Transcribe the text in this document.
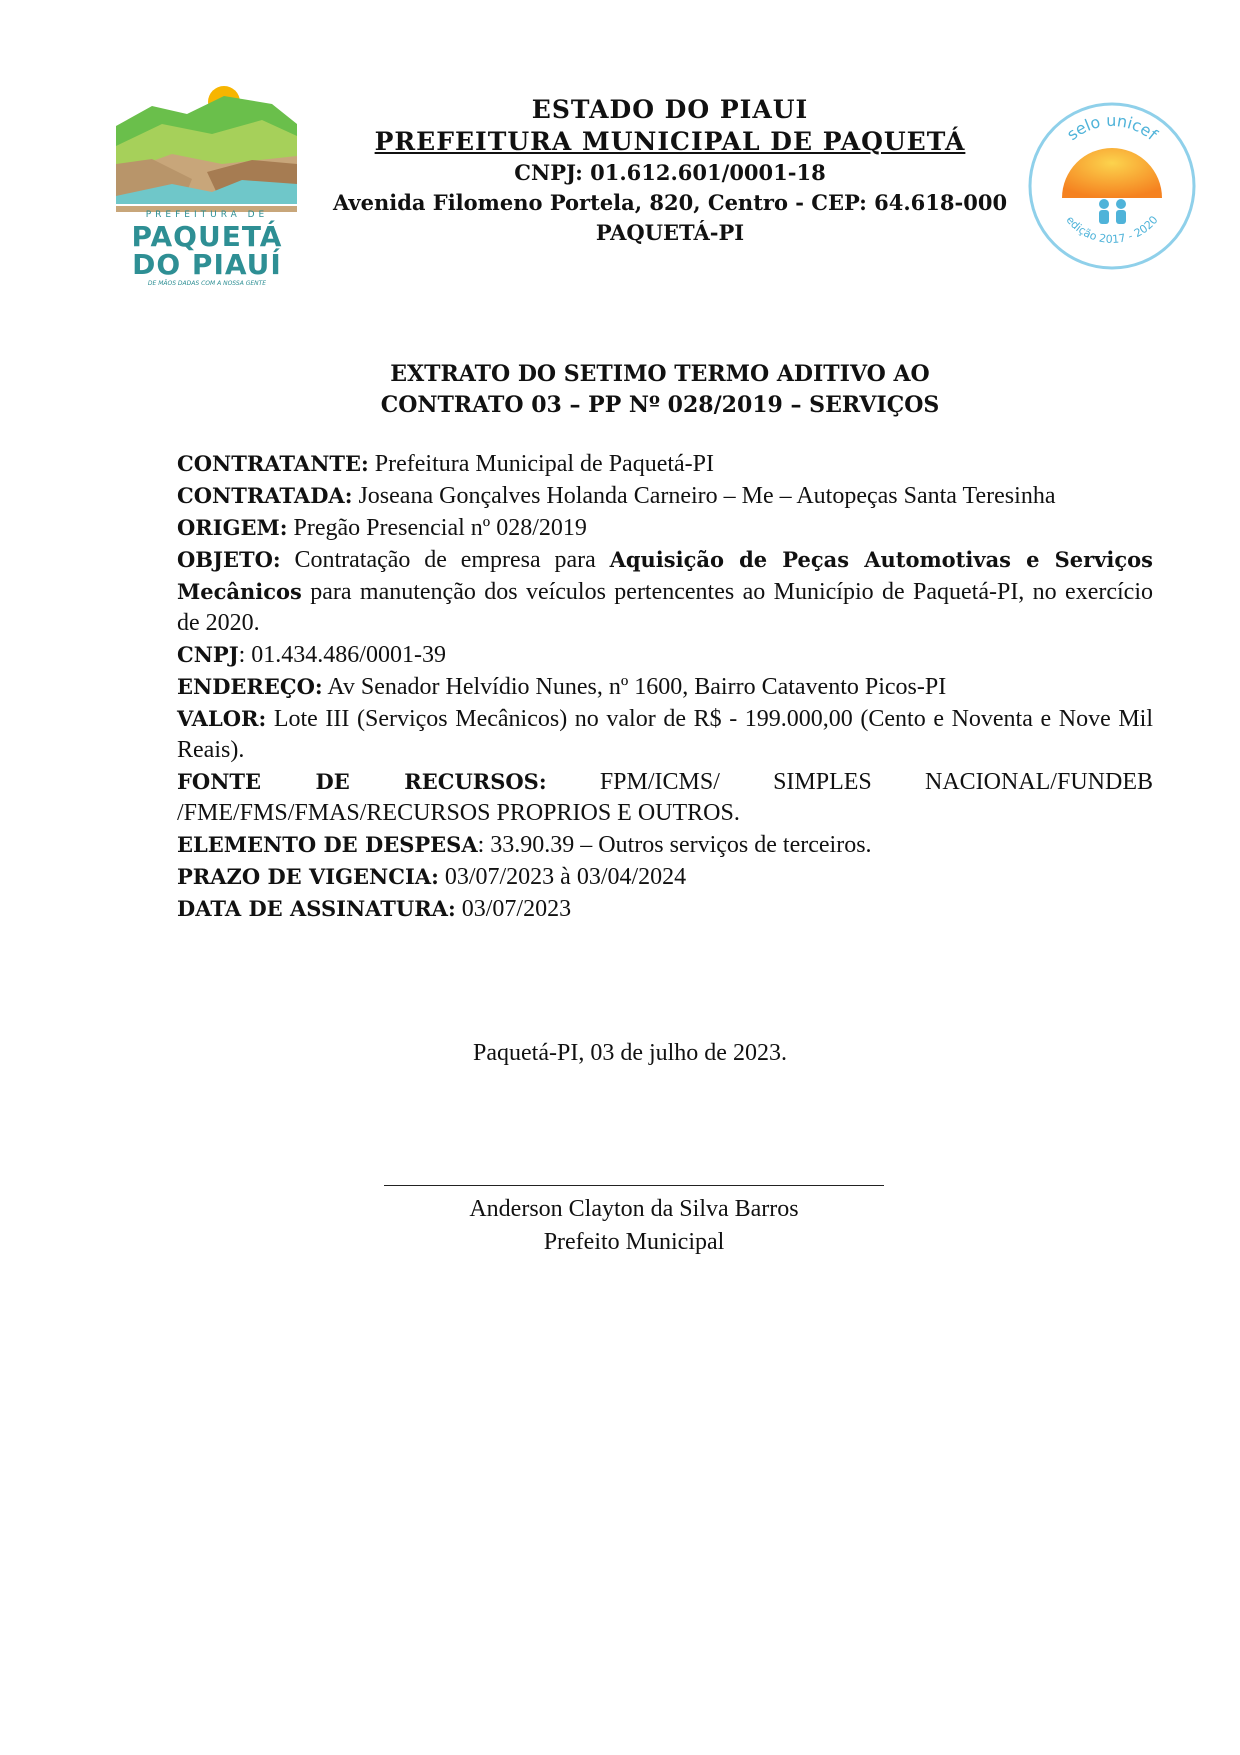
PREFEITURA DE
PAQUETÁ
DO PIAUÍ
DE MÃOS DADAS COM A NOSSA GENTE
ESTADO DO PIAUI
PREFEITURA MUNICIPAL DE PAQUETÁ
CNPJ: 01.612.601/0001-18
Avenida Filomeno Portela, 820, Centro - CEP: 64.618-000
PAQUETÁ-PI
selo unicef
edição 2017 - 2020
EXTRATO DO SETIMO TERMO ADITIVO AO
CONTRATO 03 – PP Nº 028/2019 – SERVIÇOS

CONTRATANTE: Prefeitura Municipal de Paquetá-PI

CONTRATADA: Joseana Gonçalves Holanda Carneiro – Me – Autopeças Santa Teresinha

ORIGEM: Pregão Presencial nº 028/2019

OBJETO: Contratação de empresa para Aquisição de Peças Automotivas e Serviços Mecânicos para manutenção dos veículos pertencentes ao Município de Paquetá-PI, no exercício de 2020.

CNPJ: 01.434.486/0001-39

ENDEREÇO: Av Senador Helvídio Nunes, nº 1600, Bairro Catavento Picos-PI

VALOR: Lote III (Serviços Mecânicos) no valor de R$ - 199.000,00 (Cento e Noventa e Nove Mil Reais).

FONTE DE RECURSOS: FPM/ICMS/ SIMPLES NACIONAL/FUNDEB /FME/FMS/FMAS/RECURSOS PROPRIOS E OUTROS.

ELEMENTO DE DESPESA: 33.90.39 – Outros serviços de terceiros.

PRAZO DE VIGENCIA: 03/07/2023 à 03/04/2024

DATA DE ASSINATURA: 03/07/2023

Paquetá-PI, 03 de julho de 2023.
Anderson Clayton da Silva Barros
Prefeito Municipal
